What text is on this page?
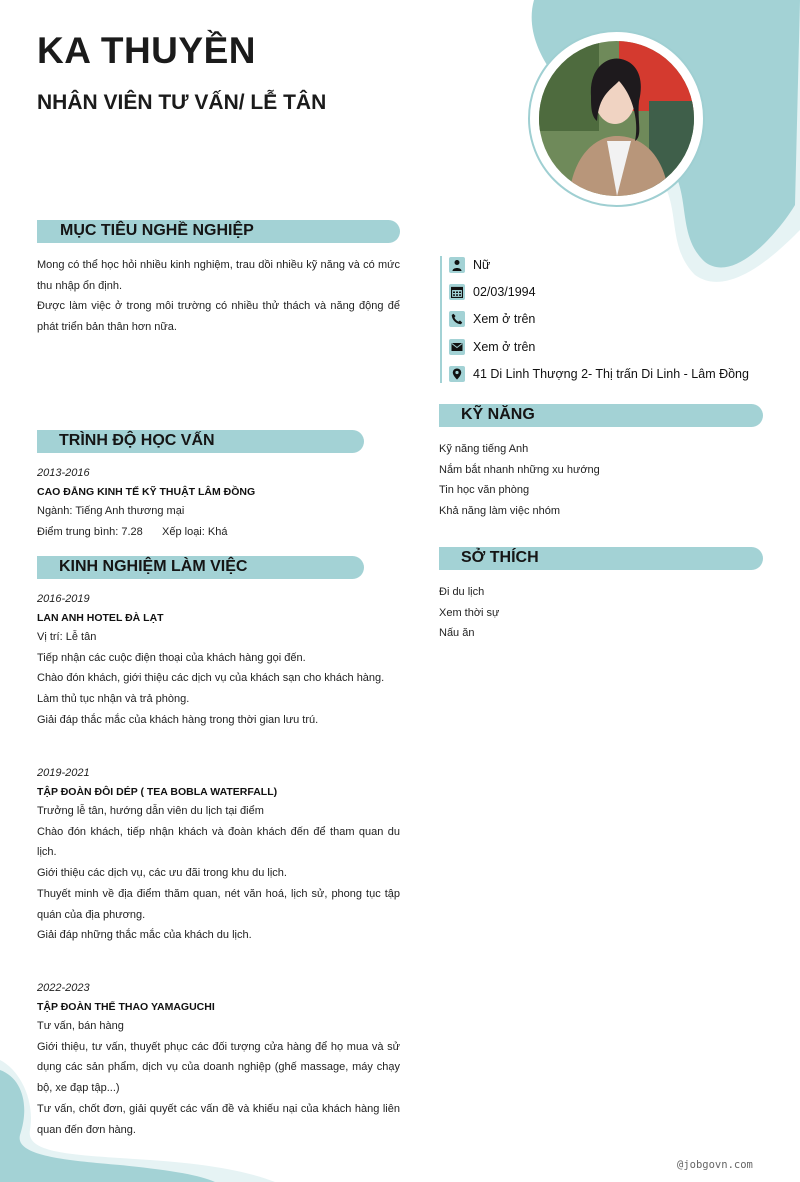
KA THUYỀN
NHÂN VIÊN TƯ VẤN/ LỄ TÂN
MỤC TIÊU NGHỀ NGHIỆP

Mong có thể học hỏi nhiều kinh nghiệm, trau dồi nhiều kỹ năng và có mức thu nhập ổn định.

Được làm việc ở trong môi trường có nhiều thử thách và năng động để phát triển bản thân hơn nữa.

TRÌNH ĐỘ HỌC VẤN
2013-2016
CAO ĐẲNG KINH TẾ KỸ THUẬT LÂM ĐỒNG
Ngành: Tiếng Anh thương mại
Điểm trung bình: 7.28	Xếp loại: Khá
KINH NGHIỆM LÀM VIỆC
2016-2019
LAN ANH HOTEL ĐÀ LẠT

Vị trí: Lễ tân

Tiếp nhận các cuộc điện thoại của khách hàng gọi đến.

Chào đón khách, giới thiệu các dịch vụ của khách sạn cho khách hàng.

Làm thủ tục nhận và trả phòng.

Giải đáp thắc mắc của khách hàng trong thời gian lưu trú.

2019-2021
TẬP ĐOÀN ĐÔI DÉP ( TEA BOBLA WATERFALL)

Trưởng lễ tân, hướng dẫn viên du lịch tại điểm

Chào đón khách, tiếp nhận khách và đoàn khách đến để tham quan du lịch.

Giới thiệu các dịch vụ, các ưu đãi trong khu du lịch.

Thuyết minh về địa điểm thăm quan, nét văn hoá, lịch sử, phong tục tập quán của địa phương.

Giải đáp những thắc mắc của khách du lịch.

2022-2023
TẬP ĐOÀN THỂ THAO YAMAGUCHI

Tư vấn, bán hàng

Giới thiệu, tư vấn, thuyết phục các đối tượng cửa hàng để họ mua và sử dụng các sản phẩm, dịch vụ của doanh nghiệp (ghế massage, máy chạy bộ, xe đạp tập...)

Tư vấn, chốt đơn, giải quyết các vấn đề và khiếu nại của khách hàng liên quan đến đơn hàng.

Nữ
02/03/1994
Xem ở trên
Xem ở trên
41 Di Linh Thượng 2- Thị trấn Di Linh - Lâm Đồng
KỸ NĂNG
Kỹ năng tiếng Anh
Nắm bắt nhanh những xu hướng
Tin học văn phòng
Khả năng làm việc nhóm
SỞ THÍCH
Đi du lịch
Xem thời sự
Nấu ăn
@jobgovn.com
